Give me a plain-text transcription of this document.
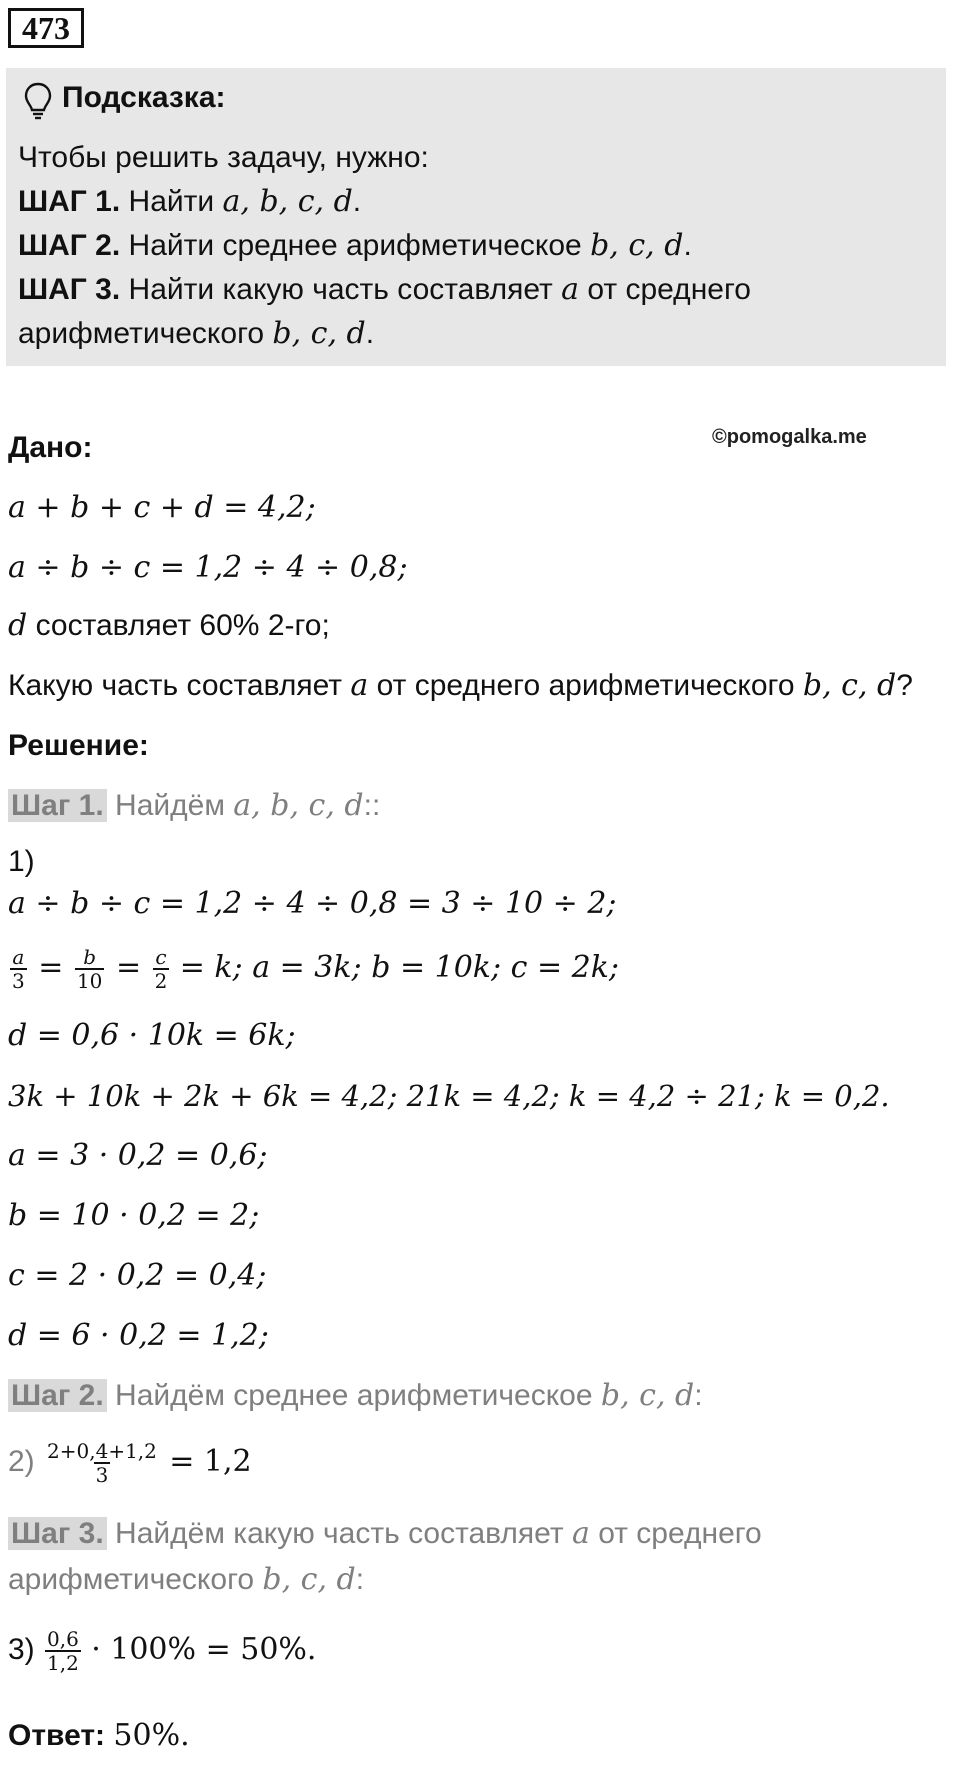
473
Подсказка:
Чтобы решить задачу, нужно:
ШАГ 1. Найти a, b, c, d.
ШАГ 2. Найти среднее арифметическое b, c, d.
ШАГ 3. Найти какую часть составляет a от среднего
арифметического b, c, d.
Дано:	©pomogalka.me
a + b + c + d = 4,2;
a ÷ b ÷ c = 1,2 ÷ 4 ÷ 0,8;
d составляет 60% 2-го;
Какую часть составляет a от среднего арифметического b, c, d?
Решение:
Шаг 1. Найдём a, b, c, d::
1)
a ÷ b ÷ c = 1,2 ÷ 4 ÷ 0,8 = 3 ÷ 10 ÷ 2;
$\frac{a}{3} = \frac{b}{10} = \frac{c}{2} = k$; a = 3k; b = 10k; c = 2k;
d = 0,6 · 10k = 6k;
3k + 10k + 2k + 6k = 4,2; 21k = 4,2; k = 4,2 ÷ 21; k = 0,2.
a = 3 · 0,2 = 0,6;
b = 10 · 0,2 = 2;
c = 2 · 0,2 = 0,4;
d = 6 · 0,2 = 1,2;
Шаг 2. Найдём среднее арифметическое b, c, d:
$2) \frac{2+0,4+1,2}{3} = 1,2$
Шаг 3. Найдём какую часть составляет a от среднего
арифметического b, c, d:
$3) \frac{0,6}{1,2} \cdot 100\% = 50\%$.
Ответ: 50%.
